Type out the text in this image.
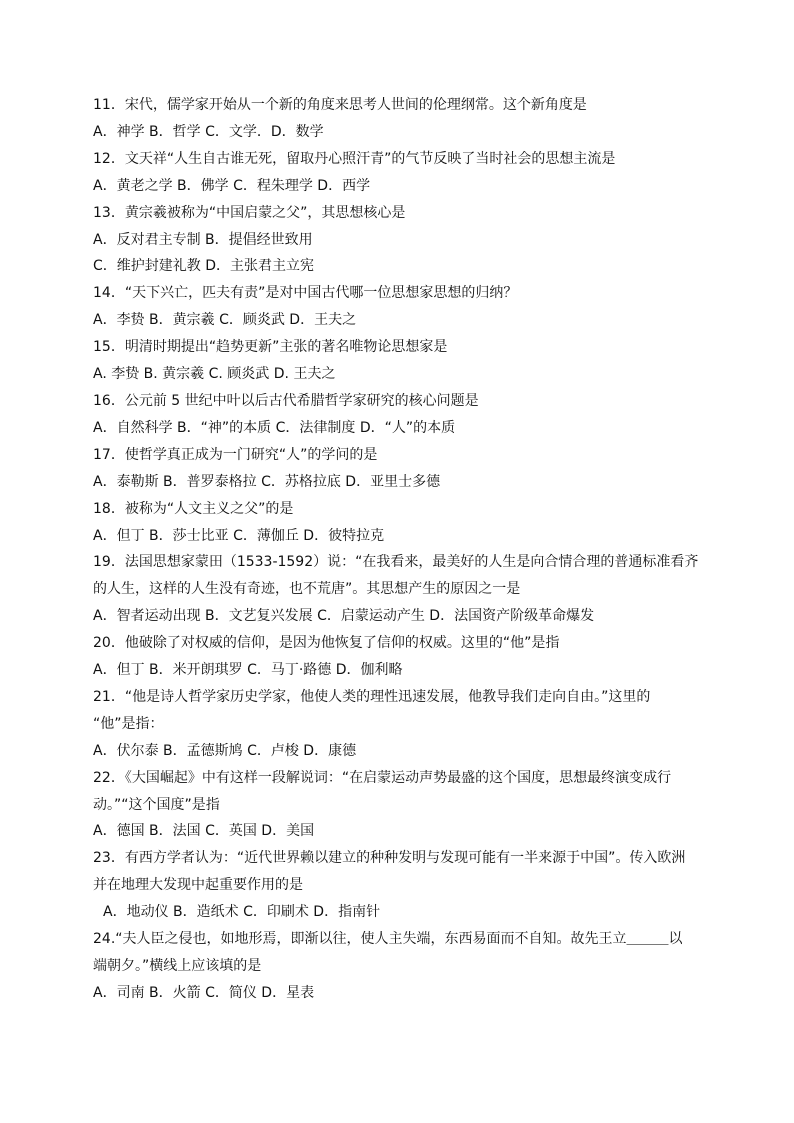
11．宋代，儒学家开始从一个新的角度来思考人世间的伦理纲常。这个新角度是
A．神学 B．哲学 C．文学．D．数学
12．文天祥“人生自古谁无死，留取丹心照汗青”的气节反映了当时社会的思想主流是
A．黄老之学 B．佛学 C．程朱理学 D．西学
13．黄宗羲被称为“中国启蒙之父”，其思想核心是
A．反对君主专制 B．提倡经世致用
C．维护封建礼教 D．主张君主立宪
14．“天下兴亡，匹夫有责”是对中国古代哪一位思想家思想的归纳？
A．李贽 B．黄宗羲 C．顾炎武 D．王夫之
15．明清时期提出“趋势更新”主张的著名唯物论思想家是
A. 李贽 B. 黄宗羲 C. 顾炎武 D. 王夫之
16．公元前 5 世纪中叶以后古代希腊哲学家研究的核心问题是
A．自然科学 B．“神”的本质 C．法律制度 D．“人”的本质
17．使哲学真正成为一门研究“人”的学问的是
A．泰勒斯 B．普罗泰格拉 C．苏格拉底 D．亚里士多德
18．被称为“人文主义之父”的是
A．但丁 B．莎士比亚 C．薄伽丘 D．彼特拉克
19．法国思想家蒙田（1533-1592）说：“在我看来，最美好的人生是向合情合理的普通标准看齐
的人生，这样的人生没有奇迹，也不荒唐”。其思想产生的原因之一是
A．智者运动出现 B．文艺复兴发展 C．启蒙运动产生 D．法国资产阶级革命爆发
20．他破除了对权威的信仰，是因为他恢复了信仰的权威。这里的“他”是指
A．但丁 B．米开朗琪罗 C．马丁·路德 D．伽利略
21．“他是诗人哲学家历史学家，他使人类的理性迅速发展，他教导我们走向自由。”这里的
“他”是指：
A．伏尔泰 B．孟德斯鸠 C．卢梭 D．康德
22．《大国崛起》中有这样一段解说词：“在启蒙运动声势最盛的这个国度，思想最终演变成行
动。”“这个国度”是指
A．德国 B．法国 C．英国 D．美国
23．有西方学者认为：“近代世界赖以建立的种种发明与发现可能有一半来源于中国”。传入欧洲
并在地理大发现中起重要作用的是
A．地动仪 B．造纸术 C．印刷术 D．指南针
24.“夫人臣之侵也，如地形焉，即渐以往，使人主失端，东西易面而不自知。故先王立＿＿＿以
端朝夕。”横线上应该填的是
A．司南 B．火箭 C．简仪 D．星表
